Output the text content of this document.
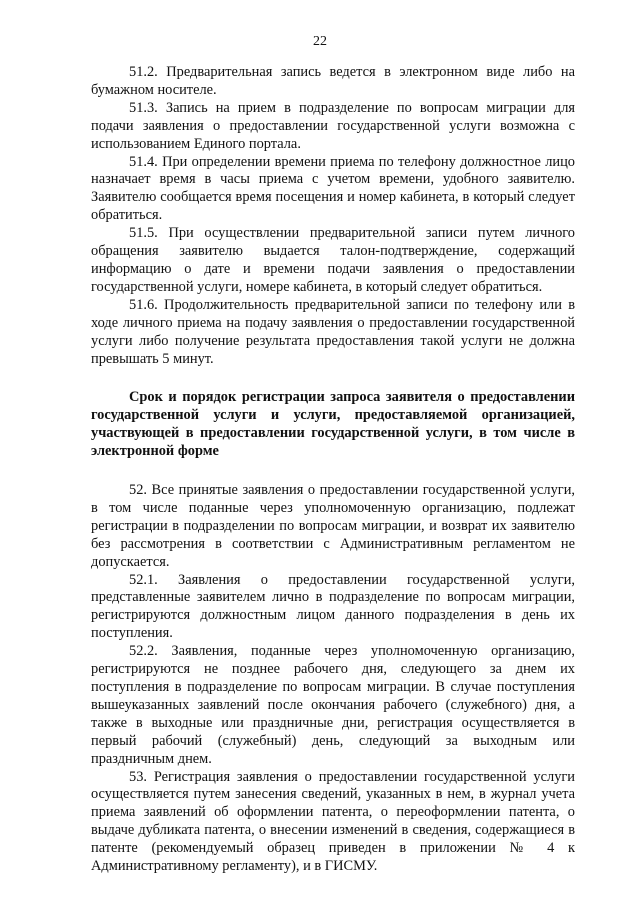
22

51.2. Предварительная запись ведется в электронном виде либо на бумажном носителе.

51.3. Запись на прием в подразделение по вопросам миграции для подачи заявления о предоставлении государственной услуги возможна с использованием Единого портала.

51.4. При определении времени приема по телефону должностное лицо назначает время в часы приема с учетом времени, удобного заявителю. Заявителю сообщается время посещения и номер кабинета, в который следует обратиться.

51.5. При осуществлении предварительной записи путем личного обращения заявителю выдается талон-подтверждение, содержащий информацию о дате и времени подачи заявления о предоставлении государственной услуги, номере кабинета, в который следует обратиться.

51.6. Продолжительность предварительной записи по телефону или в ходе личного приема на подачу заявления о предоставлении государственной услуги либо получение результата предоставления такой услуги не должна превышать 5 минут.

Срок и порядок регистрации запроса заявителя о предоставлении государственной услуги и услуги, предоставляемой организацией, участвующей в предоставлении государственной услуги, в том числе в электронной форме

52. Все принятые заявления о предоставлении государственной услуги, в том числе поданные через уполномоченную организацию, подлежат регистрации в подразделении по вопросам миграции, и возврат их заявителю без рассмотрения в соответствии с Административным регламентом не допускается.

52.1. Заявления о предоставлении государственной услуги, представленные заявителем лично в подразделение по вопросам миграции, регистрируются должностным лицом данного подразделения в день их поступления.

52.2. Заявления, поданные через уполномоченную организацию, регистрируются не позднее рабочего дня, следующего за днем их поступления в подразделение по вопросам миграции. В случае поступления вышеуказанных заявлений после окончания рабочего (служебного) дня, а также в выходные или праздничные дни, регистрация осуществляется в первый рабочий (служебный) день, следующий за выходным или праздничным днем.

53. Регистрация заявления о предоставлении государственной услуги осуществляется путем занесения сведений, указанных в нем, в журнал учета приема заявлений об оформлении патента, о переоформлении патента, о выдаче дубликата патента, о внесении изменений в сведения, содержащиеся в патенте (рекомендуемый образец приведен в приложении № 4 к Административному регламенту), и в ГИСМУ.
